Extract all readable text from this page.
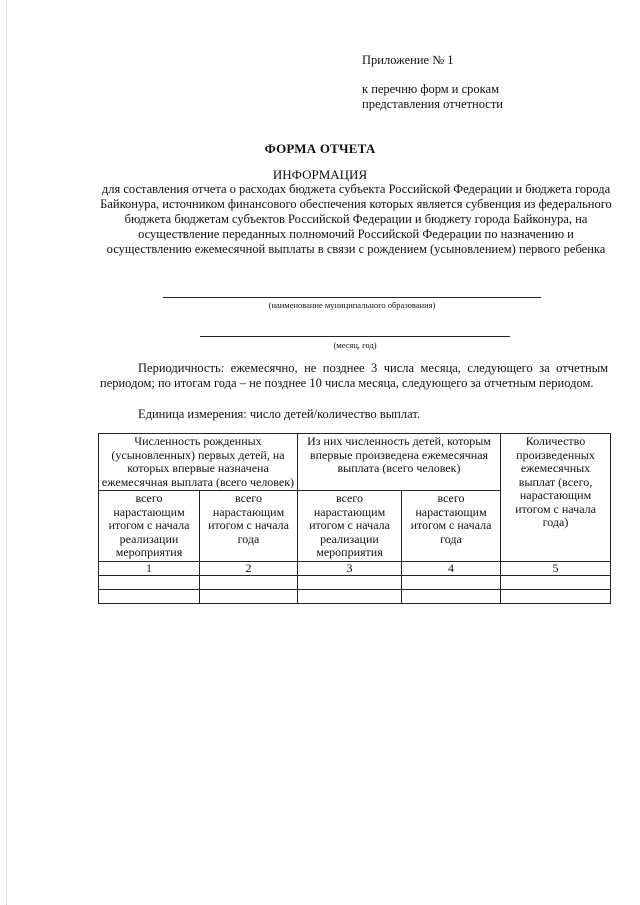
Приложение № 1
к перечню форм и срокам
представления отчетности
ФОРМА ОТЧЕТА
ИНФОРМАЦИЯ
для составления отчета о расходах бюджета субъекта Российской Федерации и бюджета города Байконура, источником финансового обеспечения которых является субвенция из федерального бюджета бюджетам субъектов Российской Федерации и бюджету города Байконура, на осуществление переданных полномочий Российской Федерации по назначению и осуществлению ежемесячной выплаты в связи с рождением (усыновлением) первого ребенка
(наименование муниципального образования)
(месяц, год)
Периодичность: ежемесячно, не позднее 3 числа месяца, следующего за отчетным периодом; по итогам года – не позднее 10 числа месяца, следующего за отчетным периодом.
Единица измерения: число детей/количество выплат.
Численность рожденных (усыновленных) первых детей, на которых впервые назначена ежемесячная выплата (всего человек)		Из них численность детей, которым впервые произведена ежемесячная выплата (всего человек)		Количество произведенных ежемесячных выплат (всего, нарастающим итогом с начала года)
всего нарастающим итогом с начала реализации мероприятия	всего нарастающим итогом с начала года	всего нарастающим итогом с начала реализации мероприятия	всего нарастающим итогом с начала года	
1	2	3	4	5
